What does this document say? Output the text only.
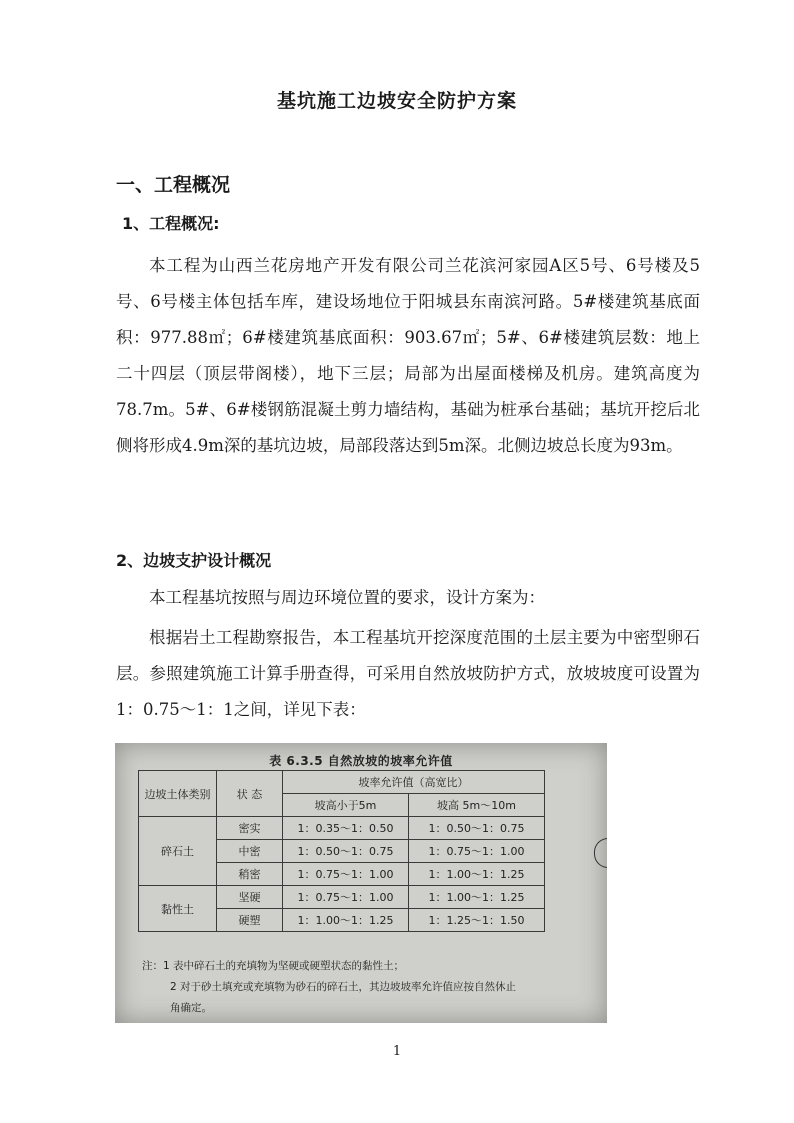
基坑施工边坡安全防护方案
一、工程概况
1、工程概况:

本工程为山西兰花房地产开发有限公司兰花滨河家园A区5号、6号楼及5号、6号楼主体包括车库，建设场地位于阳城县东南滨河路。5#楼建筑基底面积：977.88㎡；6#楼建筑基底面积：903.67㎡；5#、6#楼建筑层数：地上二十四层（顶层带阁楼），地下三层；局部为出屋面楼梯及机房。建筑高度为78.7m。5#、6#楼钢筋混凝土剪力墙结构，基础为桩承台基础；基坑开挖后北侧将形成4.9m深的基坑边坡，局部段落达到5m深。北侧边坡总长度为93m。

2、边坡支护设计概况

本工程基坑按照与周边环境位置的要求，设计方案为：

根据岩土工程勘察报告，本工程基坑开挖深度范围的土层主要为中密型卵石层。参照建筑施工计算手册查得，可采用自然放坡防护方式，放坡坡度可设置为1：0.75～1：1之间，详见下表：

表 6.3.5 自然放坡的坡率允许值
边坡土体类别	状 态	坡率允许值（高宽比）	
		坡高小于5m	坡高 5m～10m
碎石土	密实	1：0.35～1：0.50	1：0.50～1：0.75
	中密	1：0.50～1：0.75	1：0.75～1：1.00
	稍密	1：0.75～1：1.00	1：1.00～1：1.25
黏性土	坚硬	1：0.75～1：1.00	1：1.00～1：1.25
	硬塑	1：1.00～1：1.25	1：1.25～1：1.50
注：1 表中碎石土的充填物为坚硬或硬塑状态的黏性土；
2 对于砂土填充或充填物为砂石的碎石土，其边坡坡率允许值应按自然休止
角确定。
1
